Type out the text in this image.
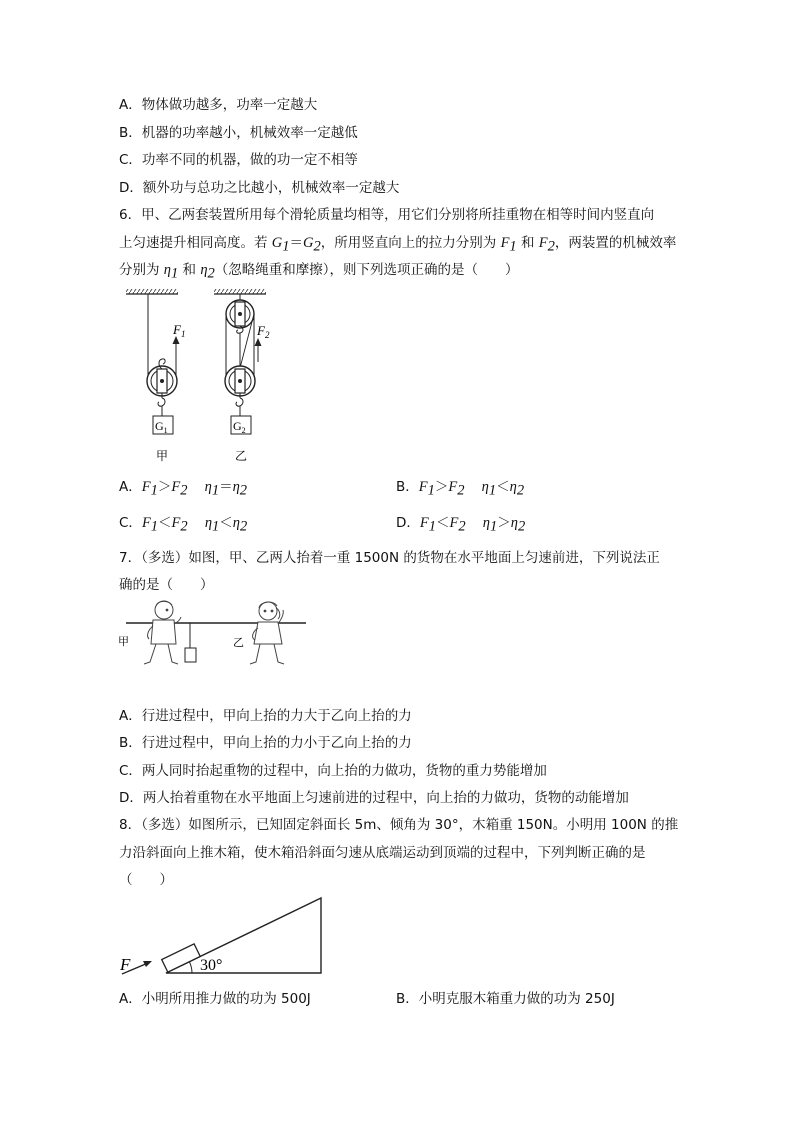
A．物体做功越多，功率一定越大
B．机器的功率越小，机械效率一定越低
C．功率不同的机器，做的功一定不相等
D．额外功与总功之比越小，机械效率一定越大
6．甲、乙两套装置所用每个滑轮质量均相等，用它们分别将所挂重物在相等时间内竖直向
上匀速提升相同高度。若 $G_1=G_2$，所用竖直向上的拉力分别为 $F_1$ 和 $F_2$，两装置的机械效率
分别为 $\eta_1$ 和 $\eta_2$（忽略绳重和摩擦），则下列选项正确的是（　　）
$F_1$	$F_2$
$G_1$	$G_2$
甲	乙
A．$F_1>F_2$ $\eta_1=\eta_2$	B．$F_1>F_2$ $\eta_1<\eta_2$
C．$F_1<F_2$ $\eta_1<\eta_2$	D．$F_1<F_2$ $\eta_1>\eta_2$
7．（多选）如图，甲、乙两人抬着一重 1500N 的货物在水平地面上匀速前进，下列说法正
确的是（　　）
甲	乙
A．行进过程中，甲向上抬的力大于乙向上抬的力
B．行进过程中，甲向上抬的力小于乙向上抬的力
C．两人同时抬起重物的过程中，向上抬的力做功，货物的重力势能增加
D．两人抬着重物在水平地面上匀速前进的过程中，向上抬的力做功，货物的动能增加
8．（多选）如图所示，已知固定斜面长 5m、倾角为 30°，木箱重 150N。小明用 100N 的推
力沿斜面向上推木箱，使木箱沿斜面匀速从底端运动到顶端的过程中，下列判断正确的是
（　　）
F	30°
A．小明所用推力做的功为 500J	B．小明克服木箱重力做的功为 250J
